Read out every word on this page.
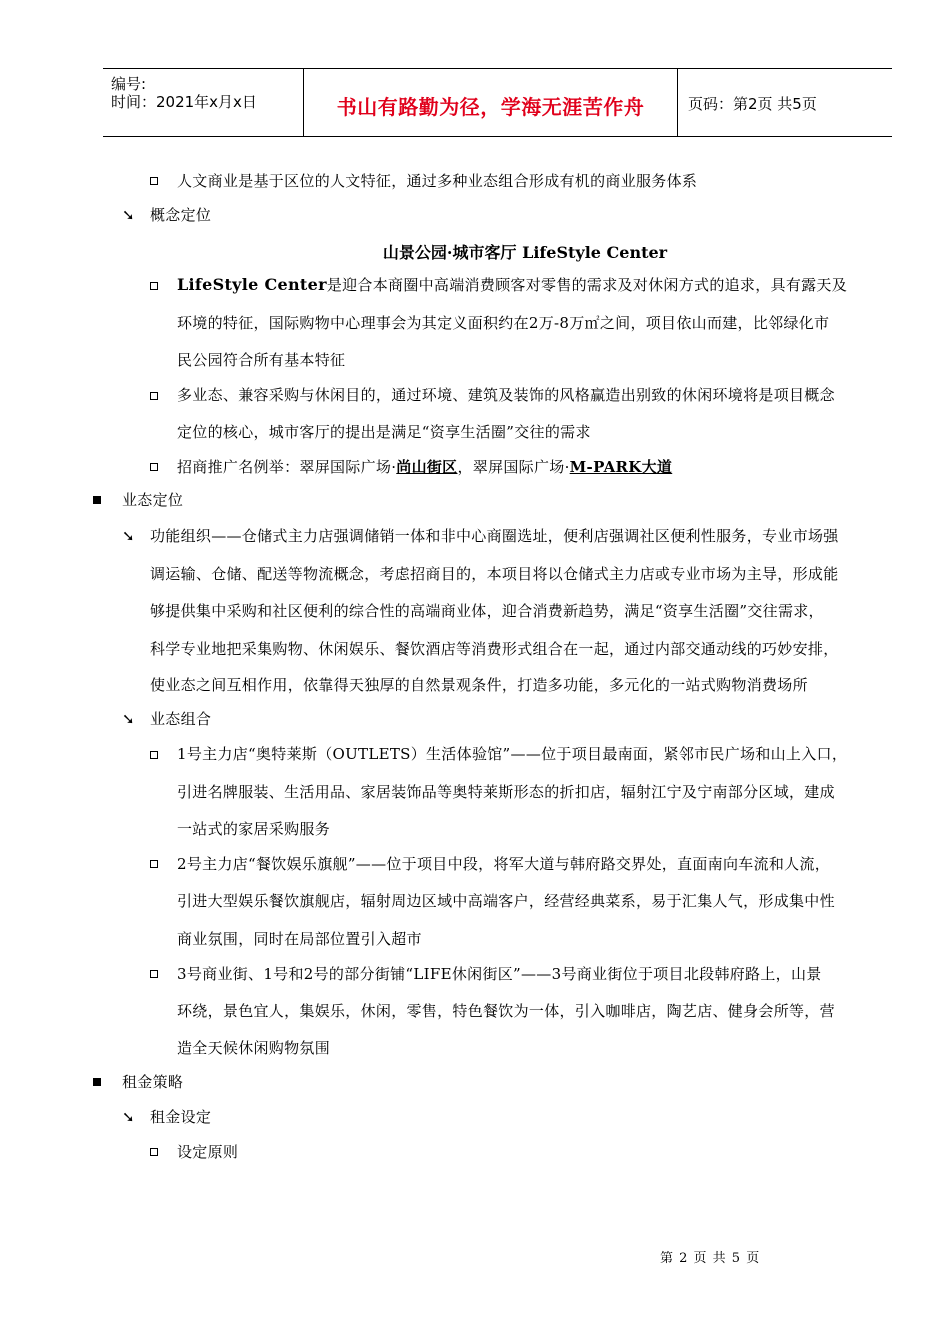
编号:
时间：2021年x月x日	书山有路勤为径，学海无涯苦作舟	页码：第2页 共5页
人文商业是基于区位的人文特征，通过多种业态组合形成有机的商业服务体系
➘ 概念定位
山景公园·城市客厅 LifeStyle Center
LifeStyle Center是迎合本商圈中高端消费顾客对零售的需求及对休闲方式的追求，具有露天及
环境的特征，国际购物中心理事会为其定义面积约在2万-8万㎡之间，项目依山而建，比邻绿化市
民公园符合所有基本特征
多业态、兼容采购与休闲目的，通过环境、建筑及装饰的风格赢造出别致的休闲环境将是项目概念
定位的核心，城市客厅的提出是满足“资享生活圈”交往的需求
招商推广名例举：翠屏国际广场·尚山街区，翠屏国际广场·M-PARK大道
业态定位
➘ 功能组织——仓储式主力店强调储销一体和非中心商圈选址，便利店强调社区便利性服务，专业市场强
调运输、仓储、配送等物流概念，考虑招商目的，本项目将以仓储式主力店或专业市场为主导，形成能
够提供集中采购和社区便利的综合性的高端商业体，迎合消费新趋势，满足“资享生活圈”交往需求，
科学专业地把采集购物、休闲娱乐、餐饮酒店等消费形式组合在一起，通过内部交通动线的巧妙安排，
使业态之间互相作用，依靠得天独厚的自然景观条件，打造多功能，多元化的一站式购物消费场所
➘ 业态组合
1号主力店“奥特莱斯（OUTLETS）生活体验馆”——位于项目最南面，紧邻市民广场和山上入口，
引进名牌服装、生活用品、家居装饰品等奥特莱斯形态的折扣店，辐射江宁及宁南部分区域，建成
一站式的家居采购服务
2号主力店“餐饮娱乐旗舰”——位于项目中段，将军大道与韩府路交界处，直面南向车流和人流，
引进大型娱乐餐饮旗舰店，辐射周边区域中高端客户，经营经典菜系，易于汇集人气，形成集中性
商业氛围，同时在局部位置引入超市
3号商业街、1号和2号的部分街铺“LIFE休闲街区”——3号商业街位于项目北段韩府路上，山景
环绕，景色宜人，集娱乐，休闲，零售，特色餐饮为一体，引入咖啡店，陶艺店、健身会所等，营
造全天候休闲购物氛围
租金策略
➘ 租金设定
设定原则
第 2 页 共 5 页
